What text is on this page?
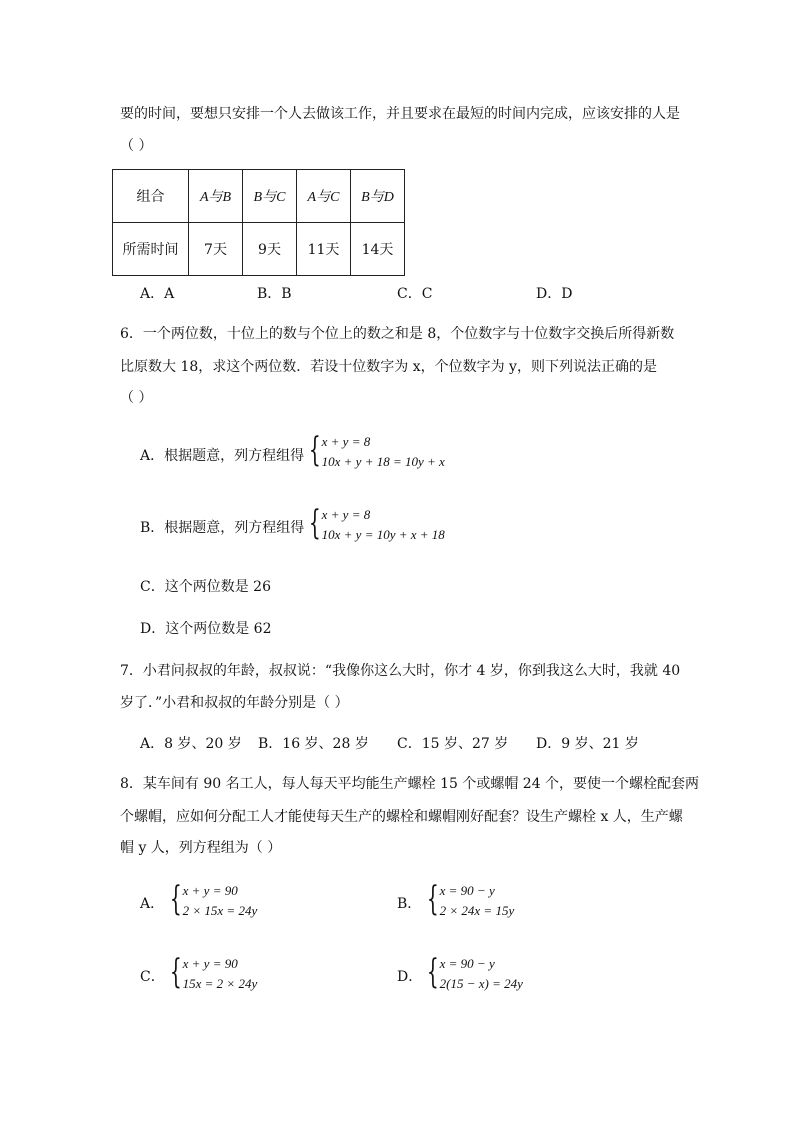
要的时间，要想只安排一个人去做该工作，并且要求在最短的时间内完成，应该安排的人是
（ ）
组合	A与B	B与C	A与C	B与D
所需时间	7天	9天	11天	14天
A．A	B．B	C．C	D．D
6．一个两位数，十位上的数与个位上的数之和是 8，个位数字与十位数字交换后所得新数
比原数大 18，求这个两位数．若设十位数字为 x，个位数字为 y，则下列说法正确的是
（ ）
A．根据题意，列方程组得 { x + y = 8
10x + y + 18 = 10y + x
B．根据题意，列方程组得 { x + y = 8
10x + y = 10y + x + 18
C．这个两位数是 26
D．这个两位数是 62
7．小君问叔叔的年龄，叔叔说：“我像你这么大时，你才 4 岁，你到我这么大时，我就 40
岁了．”小君和叔叔的年龄分别是（ ）
A．8 岁、20 岁 B．16 岁、28 岁 C．15 岁、27 岁 D．9 岁、21 岁
8．某车间有 90 名工人，每人每天平均能生产螺栓 15 个或螺帽 24 个，要使一个螺栓配套两
个螺帽，应如何分配工人才能使每天生产的螺栓和螺帽刚好配套？设生产螺栓 x 人，生产螺
帽 y 人，列方程组为（ ）
A． { x + y = 90
2 × 15x = 24y	B． { x = 90 − y
2 × 24x = 15y
C． { x + y = 90
15x = 2 × 24y	D． { x = 90 − y
2(15 − x) = 24y
